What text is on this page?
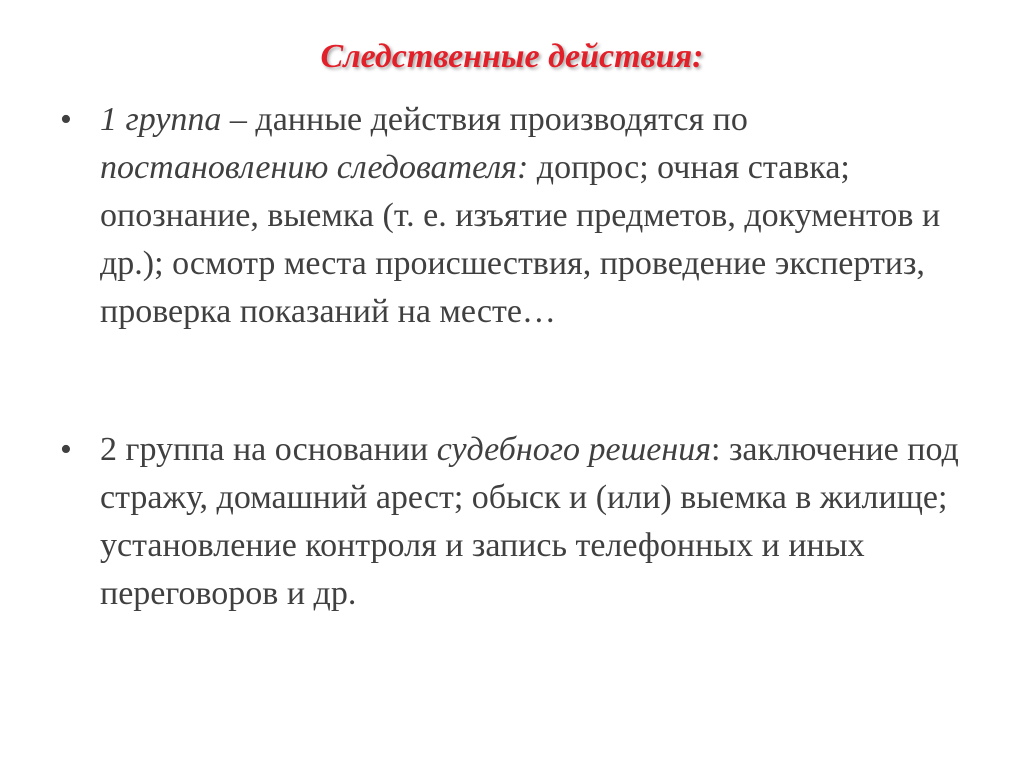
Следственные действия:
• 1 группа – данные действия производятся по постановлению следователя: допрос; очная ставка; опознание, выемка (т. е. изъятие предметов, документов и др.); осмотр места происшествия, проведение экспертиз, проверка показаний на месте…
• 2 группа на основании судебного решения: заключение под стражу, домашний арест; обыск и (или) выемка в жилище; установление контроля и запись телефонных и иных переговоров и др.
